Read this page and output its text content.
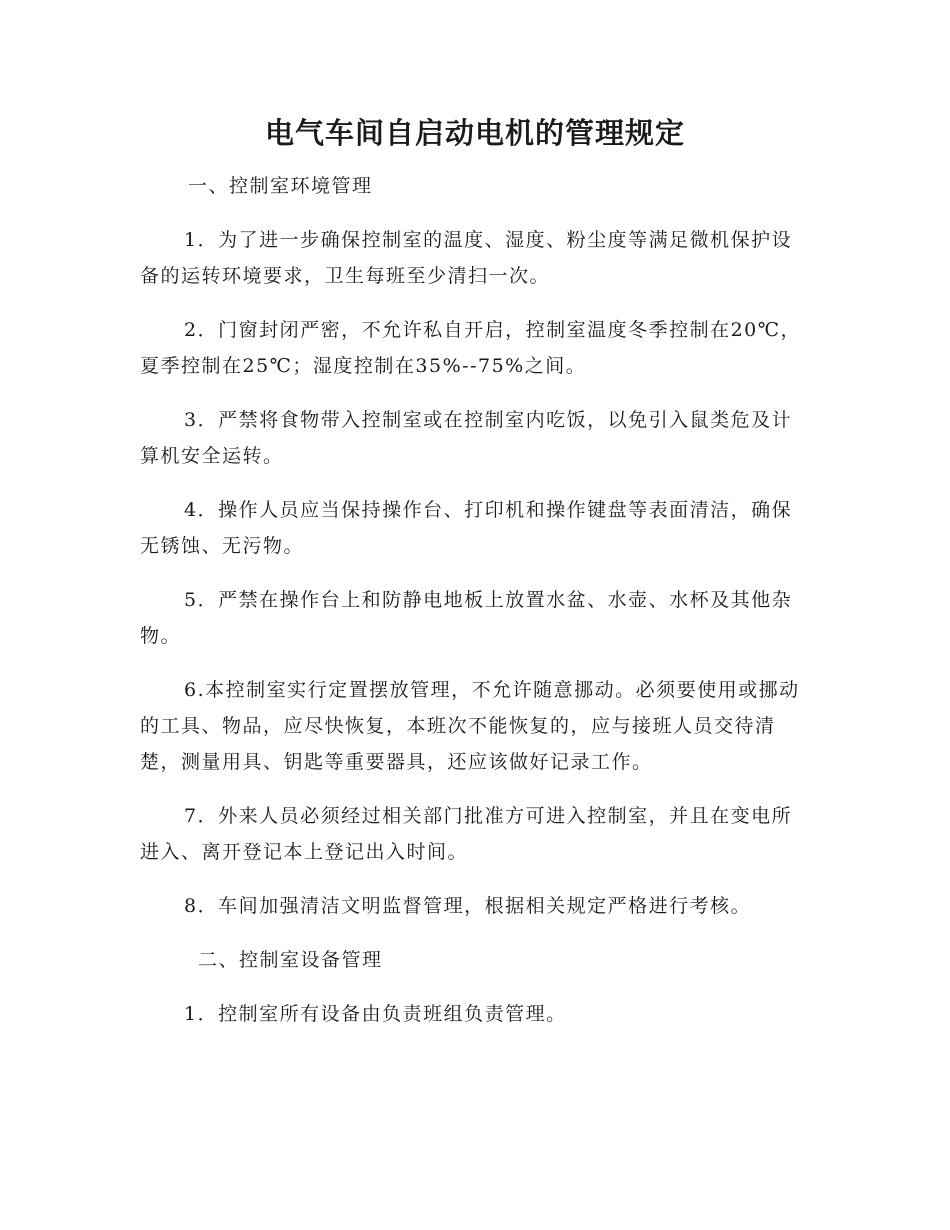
电气车间自启动电机的管理规定

一、控制室环境管理

1．为了进一步确保控制室的温度、湿度、粉尘度等满足微机保护设备的运转环境要求，卫生每班至少清扫一次。

2．门窗封闭严密，不允许私自开启，控制室温度冬季控制在20℃，夏季控制在25℃；湿度控制在35%--75%之间。

3．严禁将食物带入控制室或在控制室内吃饭，以免引入鼠类危及计算机安全运转。

4．操作人员应当保持操作台、打印机和操作键盘等表面清洁，确保无锈蚀、无污物。

5．严禁在操作台上和防静电地板上放置水盆、水壶、水杯及其他杂物。

6.本控制室实行定置摆放管理，不允许随意挪动。必须要使用或挪动的工具、物品，应尽快恢复，本班次不能恢复的，应与接班人员交待清楚，测量用具、钥匙等重要器具，还应该做好记录工作。

7．外来人员必须经过相关部门批准方可进入控制室，并且在变电所进入、离开登记本上登记出入时间。

8．车间加强清洁文明监督管理，根据相关规定严格进行考核。

二、控制室设备管理

1．控制室所有设备由负责班组负责管理。
